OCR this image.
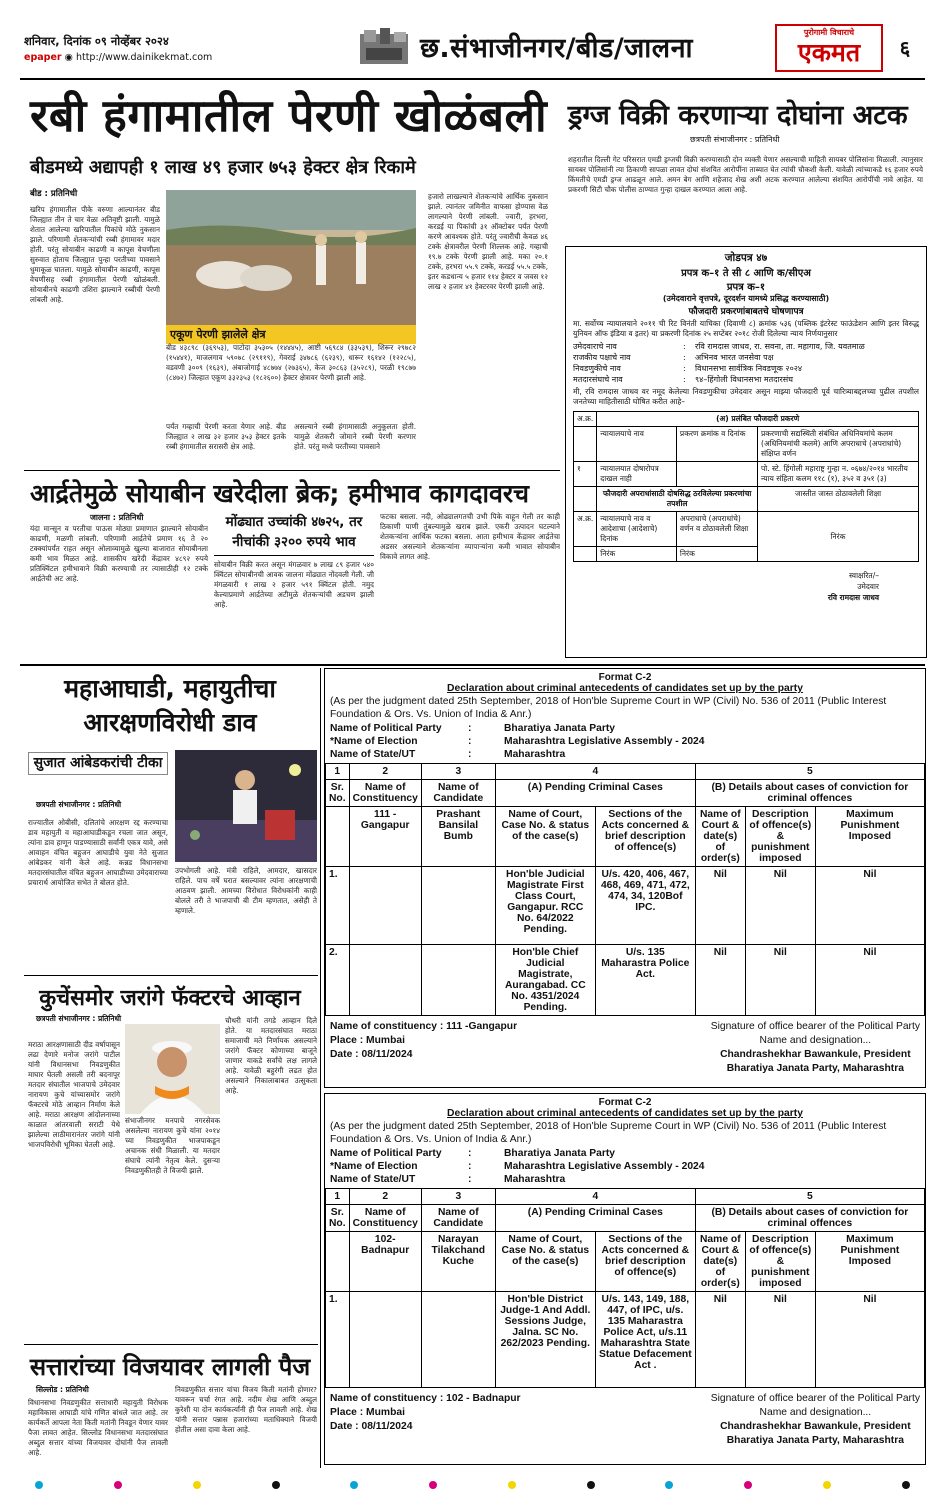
शनिवार, दिनांक ०९ नोव्हेंबर २०२४
epaper ◉ http://www.dainikekmat.com	छ.संभाजीनगर/बीड/जालना
पुरोगामी विचाराचे
एकमत	६
रबी हंगामातील पेरणी खोळंबली
बीडमध्ये अद्यापही १ लाख ४९ हजार ७५३ हेक्टर क्षेत्र रिकामे
बीड : प्रतिनिधी
खरिप हंगामातील पीके वरुणा आल्यानंतर बीड जिल्ह्यात तीन ते चार वेळा अतिवृष्टी झाली. यामुळे शेतात आलेल्या खरिपातील पिकांचे मोठे नुकसान झाले. परिणामी शेतकऱ्यांची रब्बी हंगामावर मदार होती. परंतु सोयाबीन काढणी व कापूस वेचणीला सुरुवात होताच जिल्ह्यात पुन्हा परतीच्या पावसाने धुमाकूळ घातला. यामुळे सोयाबीन काढणी, कापूस वेचणीसह रब्बी हंगामातील पेरणी खोळंबली. सोयाबीनचे काढणी उशिरा झाल्याने रब्बीची पेरणी लांबली आहे.
एकूण पेरणी झालेले क्षेत्र
बीड ४३८९८ (३६९५३), पाटोदा ३५३०५ (१४४४५), आष्टी ५६९८४ (३३५३९), शिरूर २९७८२ (१५४४१), माजलगाव ५९०७८ (२९११९), गेवराई ३४७८६ (६२३९), धारूर १६१४२ (१२२८५), वडवणी ३००९ (१६३९), अंबाजोगाई ४८७७४ (२७३६५), केज ३०८६३ (३५२८९), परळी १९८७७ (८४७२) जिल्हात एकूण ३३२३५३ (१८२६००) हेक्टर क्षेत्रावर पेरणी झाली आहे.
हजारो लाखल्याने शेतकऱ्यांचे आर्थिक नुकसान झाले. त्यानंतर जमिनीत वाफसा होण्यास वेळ लागल्याने पेरणी लांबली. ज्वारी, हरभरा, करडई या पिकांची ३१ ऑक्टोबर पर्यंत पेरणी करणे आवश्यक होते. परंतु ज्वारीची केवळ ४६ टक्के क्षेत्रावरील पेरणी शिल्लक आहे. गव्हाची १९.७ टक्के पेरणी झाली आहे. मका २०.१ टक्के, हरभरा ५५.९ टक्के, करडई ५५.५ टक्के, इतर कडधान्य ५ हजार ११४ हेक्टर व जवस १२ लाख २ हजार ४१ हेक्टरवर पेरणी झाली आहे.
पर्यंत गव्हाची पेरणी करता येणार आहे. बीड जिल्ह्यात २ लाख ३२ हजार ३५३ हेक्टर इतके रब्बी हंगामातील सरासरी क्षेत्र आहे.
असल्याने रब्बी हंगामासाठी अनुकूलता होती. यामुळे शेतकरी जोमाने रब्बी पेरणी करणार होते. परंतु मध्ये परतीच्या पावसाने
ड्रग्ज विक्री करणाऱ्या दोघांना अटक
छत्रपती संभाजीनगर : प्रतिनिधी
शहरातील दिल्ली गेट परिसरात एमडी ड्रग्जची विक्री करण्यासाठी दोन व्यक्ती येणार असल्याची माहिती सायबर पोलिसांना मिळाली. त्यानुसार सायबर पोलिसांनी त्या ठिकाणी सापळा लावत दोघां संशयित आरोपींना ताब्यात घेत त्यांची चौकशी केली. यावेळी त्यांच्याकडे १६ हजार रुपये किंमतीचे एमडी ड्रग्ज आढळून आले. अमन बेग आणि शहेजाद शेख अशी अटक करण्यात आलेल्या संशयित आरोपींची नावे आहेत. या प्रकरणी सिटी चौक पोलीस ठाण्यात गुन्हा दाखल करण्यात आला आहे.
जोडपत्र ४७
प्रपत्र क–१ ते सी ८ आणि क/सीएअ
प्रपत्र क–१
(उमेदवाराने वृत्तपत्रे, दूरदर्शन यामध्ये प्रसिद्ध करण्यासाठी)
फौजदारी प्रकरणांबाबतचे घोषणापत्र
मा. सर्वोच्च न्यायालयाने २०११ ची रिट विनंती याचिका (दिवाणी ८) क्रमांक ५३६ (पब्लिक इंटरेस्ट फाऊंडेशन आणि इतर विरुद्ध युनियन ऑफ इंडिया व इतर) या प्रकरणी दिनांक २५ सप्टेंबर २०१८ रोजी दिलेल्या न्याय निर्णयानुसार
उमेदवाराचे नाव	:	रवि रामदास जाधव, रा. सवना, ता. महागाव, जि. यवतमाळ
राजकीय पक्षाचे नाव	:	अभिनव भारत जनसेवा पक्ष
निवडणुकीचे नाव	:	विधानसभा सार्वत्रिक निवडणूक २०२४
मतदारसंघाचे नाव	:	९४–हिंगोली विधानसभा मतदारसंघ
मी, रवि रामदास जाधव वर नमूद केलेल्या निवडणुकीचा उमेदवार असून माझ्या फौजदारी पूर्व चारित्र्याबद्दलच्या पुढील तपशील जनतेच्या माहितीसाठी घोषित करीत आहे–
अ.क्र.	(अ) प्रलंबित फौजदारी प्रकरणे		
	न्यायालयाचे नाव	प्रकरण क्रमांक व दिनांक	प्रकरणाची सद्यस्थिती संबंधित अधिनियमांचे कलम (अधिनियमांची कलमे) आणि अपराधाचे (अपराधांचे) संक्षिप्त वर्णन
१	न्यायालयात दोषारोपत्र दाखल नाही		पो. स्टे. हिंगोली महाराष्ट्र गुन्हा न. ०६७४/२०१४ भारतीय न्याय संहिता कलम ११८ (१), ३५२ व ३५१ (३)
	फौजदारी अपराधांसाठी दोषसिद्ध ठरविलेल्या प्रकरणांचा तपशील		जास्तीत जास्त ठोठावलेली शिक्षा
अ.क्र.	न्यायालयाचे नाव व आदेशाचा (आदेशाचे) दिनांक	अपराधाचे (अपराधांचे) वर्णन व ठोठावलेली शिक्षा	निरंक
	निरंक	निरंक	
स्वाक्षरित/–
उमेदवार
रवि रामदास जाधव
आर्द्रतेमुळे सोयाबीन खरेदीला ब्रेक; हमीभाव कागदावरच
जालना : प्रतिनिधी
यंदा मान्सून व परतीचा पाऊस मोठ्या प्रमाणात झाल्याने सोयाबीन काढणी, मळणी लांबली. परिणामी आर्द्रतेचे प्रमाण १६ ते २० टक्क्यांपर्यंत राहत असून ओलाव्यामुळे खुल्या बाजारात सोयाबीनला कमी भाव मिळत आहे. शासकीय खरेदी केंद्रावर ४८९२ रुपये प्रतिक्विंटल हमीभावाने विक्री करण्याची तर त्यासाठीही १२ टक्के आर्द्रतेची अट आहे.
मोंढ्यात उच्चांकी ४७२५, तर नीचांकी ३२०० रुपये भाव
सोयाबीन विक्री करत असून मंगळवार ७ लाख ८९ हजार ५४० क्विंटल सोयाबीनची आवक जालना मोंढ्यात नोंदवली गेली. जी मंगळवारी १ लाख २ हजार ५९१ क्विंटल होती. नमुद केल्याप्रमाणे आर्द्रतेच्या अटीमुळे शेतकऱ्यांची अडचण झाली आहे.
फटका बसला. नदी, ओढ्यालगतची उभी पिके वाहून गेली तर काही ठिकाणी पाणी तुंबल्यामुळे खराब झाले. एकरी उत्पादन घटल्याने शेतकऱ्यांना आर्थिक फटका बसला. आता हमीभाव केंद्रावर आर्द्रतेचा अडसर असल्याने शेतकऱ्यांना व्यापाऱ्यांना कमी भावात सोयाबीन विकावे लागत आहे.
महाआघाडी, महायुतीचा आरक्षणविरोधी डाव
सुजात आंबेडकरांची टीका
छत्रपती संभाजीनगर : प्रतिनिधी
राज्यातील ओबीसी, दलितांचे आरक्षण रद्द करण्याचा डाव महायुती व महाआघाडीकडून रचला जात असून, त्यांना डाव हाणून पाडण्यासाठी सर्वांनी एकत्र यावे, असे आवाहन वंचित बहुजन आघाडीचे युवा नेते सुजात आंबेडकर यांनी केले आहे. कन्नड विधानसभा मतदारसंघातील वंचित बहुजन आघाडीच्या उमेदवाराच्या प्रचारार्थ आयोजित सभेत ते बोलत होते.
उपभोगली आहे. मंत्री राहिले, आमदार, खासदार राहिले. पाच वर्षे घरात बसल्यावर त्यांना आरक्षणाची आठवण झाली. आमच्या विरोधात विरोधकांनी काही बोलले तरी ते भाजपाची बी टीम म्हणतात, असेही ते म्हणाले.
कुचेंसमोर जरांगे फॅक्टरचे आव्हान
छत्रपती संभाजीनगर : प्रतिनिधी
मराठा आरक्षणासाठी दीड वर्षापासून लढा देणारे मनोज जरांगे पाटील यांनी विधानसभा निवडणुकीत माघार घेतली असली तरी बदनापूर मतदार संघातील भाजपाचे उमेदवार नारायण कुचे यांच्यासमोर जरांगे फॅक्टरचे मोठे आव्हान निर्माण केले आहे. मराठा आरक्षण आंदोलनाच्या काळात आंतरवाली सराटी येथे झालेल्या लाठीमारानंतर जरांगे यांनी भाजपविरोधी भूमिका घेतली आहे.
संभाजीनगर मनपाचे नगरसेवक असलेल्या नारायण कुचे यांना २०१४ च्या निवडणुकीत भाजपाकडून अचानक संधी मिळाली. या मतदार संघाचे त्यांनी नेतृत्व केले. दुसऱ्या निवडणुकीतही ते विजयी झाले.
चौथरी यांनी तगडे आव्हान दिले होते. या मतदारसंघात मराठा समाजाची मते निर्णायक असल्याने जरांगे फॅक्टर कोणाच्या बाजूने जाणार याकडे सर्वांचे लक्ष लागले आहे. यावेळी बहुरंगी लढत होत असल्याने निकालाबाबत उत्सुकता आहे.
सत्तारांच्या विजयावर लागली पैज
सिल्लोड : प्रतिनिधी
विधानसभा निवडणुकीत सत्ताधारी महायुती विरोधक महाविकास आघाडी यांचे गणित बांधले जात आहे. तर कार्यकर्ते आपला नेता किती मतांनी निवडून येणार यावर पैजा लावत आहेत. सिल्लोड विधानसभा मतदारसंघात अब्दुल सत्तार यांच्या विजयावर दोघांनी पैज लावली आहे.
निवडणुकीत सत्तार यांचा विजय किती मतांनी होणार? यावरून चर्चा रंगत आहे. नदीम शेख आणि अब्दुल कुरेशी या दोन कार्यकर्त्यांनी ही पैज लावली आहे. शेख यांनी सत्तार पन्नास हजारांच्या मताधिक्याने विजयी होतील असा दावा केला आहे.
Format C-2
Declaration about criminal antecedents of candidates set up by the party
(As per the judgment dated 25th September, 2018 of Hon'ble Supreme Court in WP (Civil) No. 536 of 2011 (Public Interest Foundation & Ors. Vs. Union of India & Anr.)
Name of Political Party	:	Bharatiya Janata Party
*Name of Election	:	Maharashtra Legislative Assembly - 2024
Name of State/UT	:	Maharashtra
1	2	3	4		5		
Sr. No.	Name of Constituency	Name of Candidate	(A) Pending Criminal Cases		(B) Details about cases of conviction for criminal offences		

	111 - Gangapur	Prashant Bansilal Bumb	Name of Court, Case No. & status of the case(s)	Sections of the Acts concerned & brief description of offence(s)	Name of Court & date(s) of order(s)	Description of offence(s) & punishment imposed	Maximum Punishment Imposed
1.			Hon'ble Judicial Magistrate First Class Court, Gangapur. RCC No. 64/2022 Pending.	U/s. 420, 406, 467, 468, 469, 471, 472, 474, 34, 120Bof IPC.	Nil	Nil	Nil
2.			Hon'ble Chief Judicial Magistrate, Aurangabad. CC No. 4351/2024 Pending.	U/s. 135 Maharastra Police Act.	Nil	Nil	Nil
Name of constituency : 111 -Gangapur
Place : Mumbai
Date : 08/11/2024
Signature of office bearer of the Political Party
Name and designation...
Chandrashekhar Bawankule, President
Bharatiya Janata Party, Maharashtra
Format C-2
Declaration about criminal antecedents of candidates set up by the party
(As per the judgment dated 25th September, 2018 of Hon'ble Supreme Court in WP (Civil) No. 536 of 2011 (Public Interest Foundation & Ors. Vs. Union of India & Anr.)
Name of Political Party	:	Bharatiya Janata Party
*Name of Election	:	Maharashtra Legislative Assembly - 2024
Name of State/UT	:	Maharashtra
1	2	3	4		5		
Sr. No.	Name of Constituency	Name of Candidate	(A) Pending Criminal Cases		(B) Details about cases of conviction for criminal offences		

	102- Badnapur	Narayan Tilakchand Kuche	Name of Court, Case No. & status of the case(s)	Sections of the Acts concerned & brief description of offence(s)	Name of Court & date(s) of order(s)	Description of offence(s) & punishment imposed	Maximum Punishment Imposed
1.			Hon'ble District Judge-1 And Addl. Sessions Judge, Jalna. SC No. 262/2023 Pending.	U/s. 143, 149, 188, 447, of IPC, u/s. 135 Maharastra Police Act, u/s.11 Maharashtra State Statue Defacement Act .	Nil	Nil	Nil
Name of constituency : 102 - Badnapur
Place : Mumbai
Date : 08/11/2024
Signature of office bearer of the Political Party
Name and designation...
Chandrashekhar Bawankule, President
Bharatiya Janata Party, Maharashtra
